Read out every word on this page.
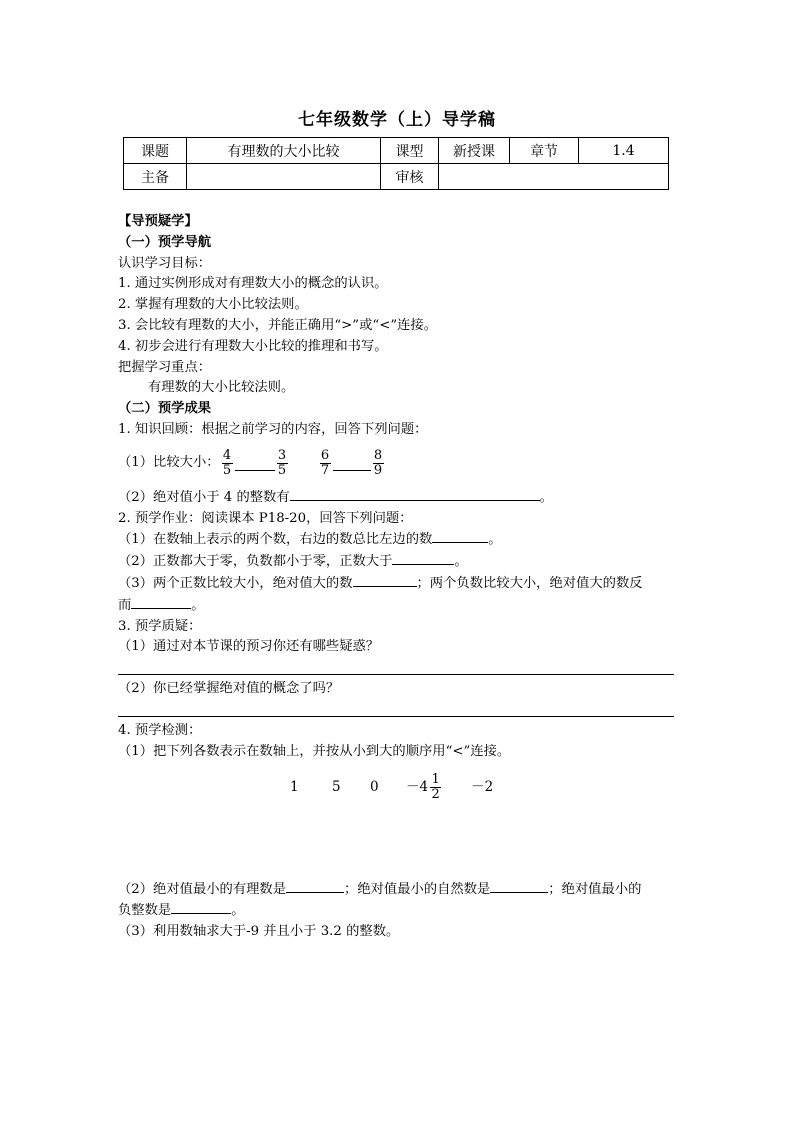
七年级数学（上）导学稿
课题	有理数的大小比较	课型	新授课	章节	1.4
主备		审核			
【导预疑学】
（一）预学导航
认识学习目标：
1. 通过实例形成对有理数大小的概念的认识。
2. 掌握有理数的大小比较法则。
3. 会比较有理数的大小，并能正确用“>”或“<”连接。
4. 初步会进行有理数大小比较的推理和书写。
把握学习重点：
有理数的大小比较法则。
（二）预学成果
1. 知识回顾：根据之前学习的内容，回答下列问题：
（1）比较大小： $\frac{4}{5}$	$\frac{3}{5} \frac{6}{7}$	$\frac{8}{9}$
（2）绝对值小于 4 的整数有	。
2. 预学作业：阅读课本 P18-20，回答下列问题：
（1）在数轴上表示的两个数，右边的数总比左边的数	。
（2）正数都大于零，负数都小于零，正数大于	。
（3）两个正数比较大小，绝对值大的数	；两个负数比较大小，绝对值大的数反
而	。
3. 预学质疑：
（1）通过对本节课的预习你还有哪些疑惑？
（2）你已经掌握绝对值的概念了吗？
4. 预学检测：
（1）把下列各数表示在数轴上，并按从小到大的顺序用“<”连接。
1	5	0	$-4 \frac{1}{2} -2$
（2）绝对值最小的有理数是	；绝对值最小的自然数是	；绝对值最小的
负整数是	。
（3）利用数轴求大于-9 并且小于 3.2 的整数。
